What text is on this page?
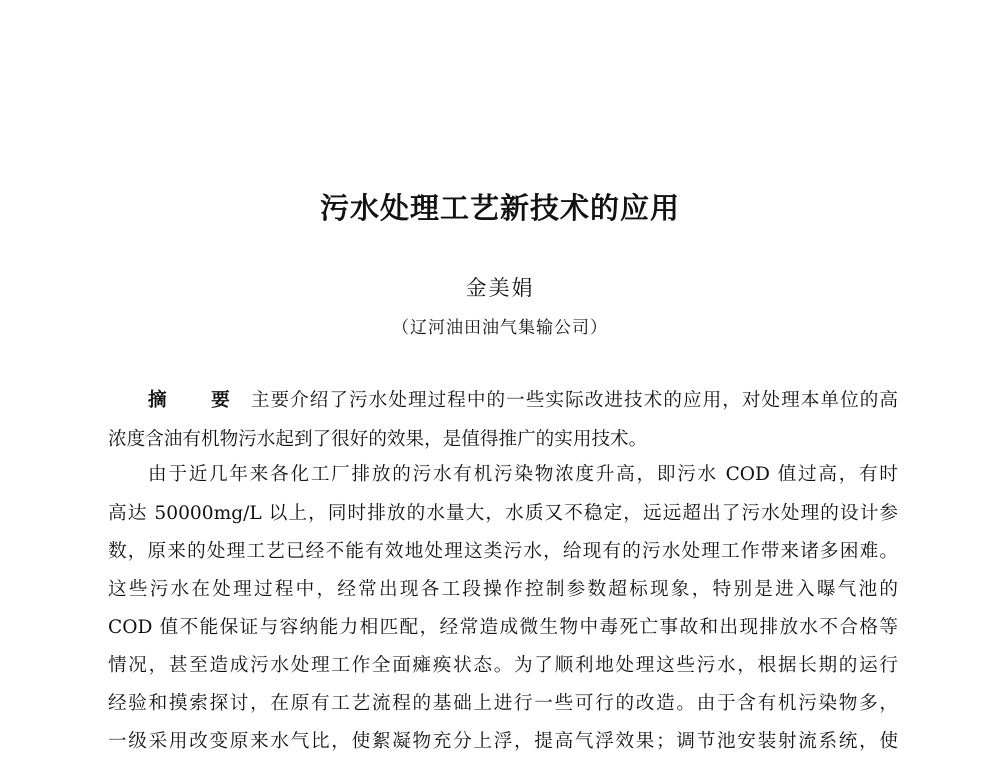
污水处理工艺新技术的应用
金美娟
（辽河油田油气集输公司）
摘 要 主要介绍了污水处理过程中的一些实际改进技术的应用，对处理本单位的高
浓度含油有机物污水起到了很好的效果，是值得推广的实用技术。
由于近几年来各化工厂排放的污水有机污染物浓度升高，即污水 COD 值过高，有时
高达 50000mg/L 以上，同时排放的水量大，水质又不稳定，远远超出了污水处理的设计参
数，原来的处理工艺已经不能有效地处理这类污水，给现有的污水处理工作带来诸多困难。
这些污水在处理过程中，经常出现各工段操作控制参数超标现象，特别是进入曝气池的
COD 值不能保证与容纳能力相匹配，经常造成微生物中毒死亡事故和出现排放水不合格等
情况，甚至造成污水处理工作全面瘫痪状态。为了顺利地处理这些污水，根据长期的运行
经验和摸索探讨，在原有工艺流程的基础上进行一些可行的改造。由于含有机污染物多，
一级采用改变原来水气比，使絮凝物充分上浮，提高气浮效果；调节池安装射流系统，使
